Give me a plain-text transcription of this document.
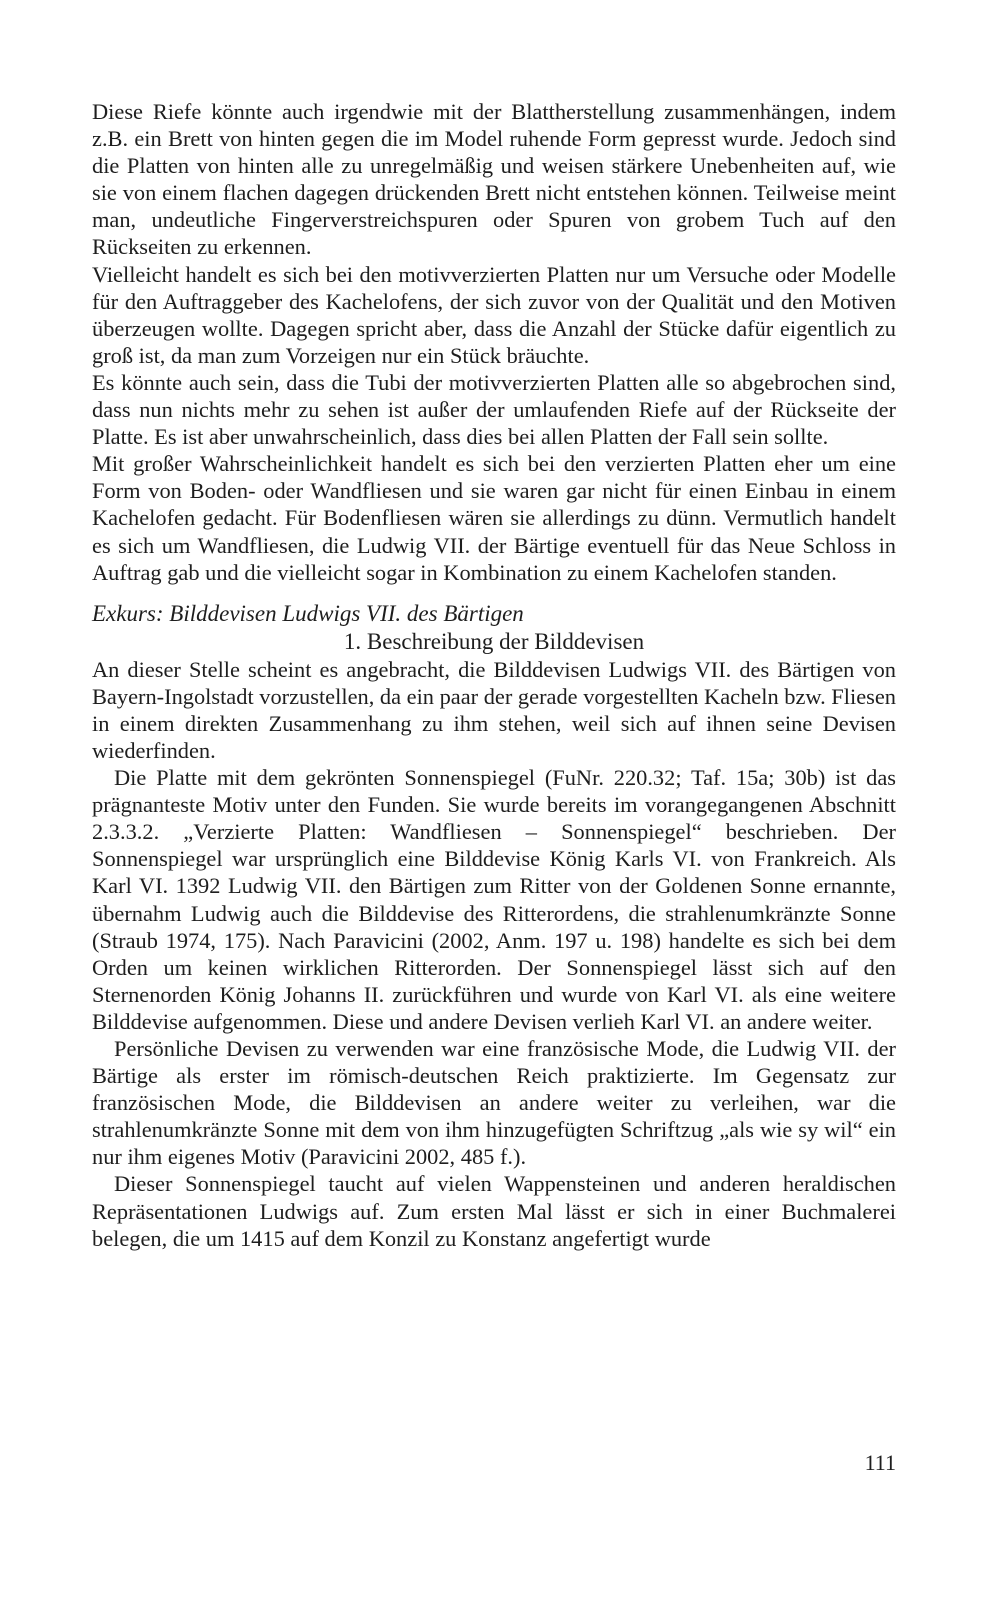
Diese Riefe könnte auch irgendwie mit der Blattherstellung zusammenhängen, indem z.B. ein Brett von hinten gegen die im Model ruhende Form gepresst wurde. Jedoch sind die Platten von hinten alle zu unregelmäßig und weisen stärkere Unebenheiten auf, wie sie von einem flachen dagegen drückenden Brett nicht entstehen können. Teilweise meint man, undeutliche Fingerverstreichspuren oder Spuren von grobem Tuch auf den Rückseiten zu erkennen.

Vielleicht handelt es sich bei den motivverzierten Platten nur um Versuche oder Modelle für den Auftraggeber des Kachelofens, der sich zuvor von der Qualität und den Motiven überzeugen wollte. Dagegen spricht aber, dass die Anzahl der Stücke dafür eigentlich zu groß ist, da man zum Vorzeigen nur ein Stück bräuchte.

Es könnte auch sein, dass die Tubi der motivverzierten Platten alle so abgebrochen sind, dass nun nichts mehr zu sehen ist außer der umlaufenden Riefe auf der Rückseite der Platte. Es ist aber unwahrscheinlich, dass dies bei allen Platten der Fall sein sollte.

Mit großer Wahrscheinlichkeit handelt es sich bei den verzierten Platten eher um eine Form von Boden- oder Wandfliesen und sie waren gar nicht für einen Einbau in einem Kachelofen gedacht. Für Bodenfliesen wären sie allerdings zu dünn. Vermutlich handelt es sich um Wandfliesen, die Ludwig VII. der Bärtige eventuell für das Neue Schloss in Auftrag gab und die vielleicht sogar in Kombination zu einem Kachelofen standen.

Exkurs: Bilddevisen Ludwigs VII. des Bärtigen

1. Beschreibung der Bilddevisen

An dieser Stelle scheint es angebracht, die Bilddevisen Ludwigs VII. des Bärtigen von Bayern-Ingolstadt vorzustellen, da ein paar der gerade vorgestellten Kacheln bzw. Fliesen in einem direkten Zusammenhang zu ihm stehen, weil sich auf ihnen seine Devisen wiederfinden.

Die Platte mit dem gekrönten Sonnenspiegel (FuNr. 220.32; Taf. 15a; 30b) ist das prägnanteste Motiv unter den Funden. Sie wurde bereits im vorangegangenen Abschnitt 2.3.3.2. „Verzierte Platten: Wandfliesen – Sonnenspiegel“ beschrieben. Der Sonnenspiegel war ursprünglich eine Bilddevise König Karls VI. von Frankreich. Als Karl VI. 1392 Ludwig VII. den Bärtigen zum Ritter von der Goldenen Sonne ernannte, übernahm Ludwig auch die Bilddevise des Ritterordens, die strahlenumkränzte Sonne (Straub 1974, 175). Nach Paravicini (2002, Anm. 197 u. 198) handelte es sich bei dem Orden um keinen wirklichen Ritterorden. Der Sonnenspiegel lässt sich auf den Sternenorden König Johanns II. zurückführen und wurde von Karl VI. als eine weitere Bilddevise aufgenommen. Diese und andere Devisen verlieh Karl VI. an andere weiter.

Persönliche Devisen zu verwenden war eine französische Mode, die Ludwig VII. der Bärtige als erster im römisch-deutschen Reich praktizierte. Im Gegensatz zur französischen Mode, die Bilddevisen an andere weiter zu verleihen, war die strahlenumkränzte Sonne mit dem von ihm hinzugefügten Schriftzug „als wie sy wil“ ein nur ihm eigenes Motiv (Paravicini 2002, 485 f.).

Dieser Sonnenspiegel taucht auf vielen Wappensteinen und anderen heraldischen Repräsentationen Ludwigs auf. Zum ersten Mal lässt er sich in einer Buchmalerei belegen, die um 1415 auf dem Konzil zu Konstanz angefertigt wurde

111
